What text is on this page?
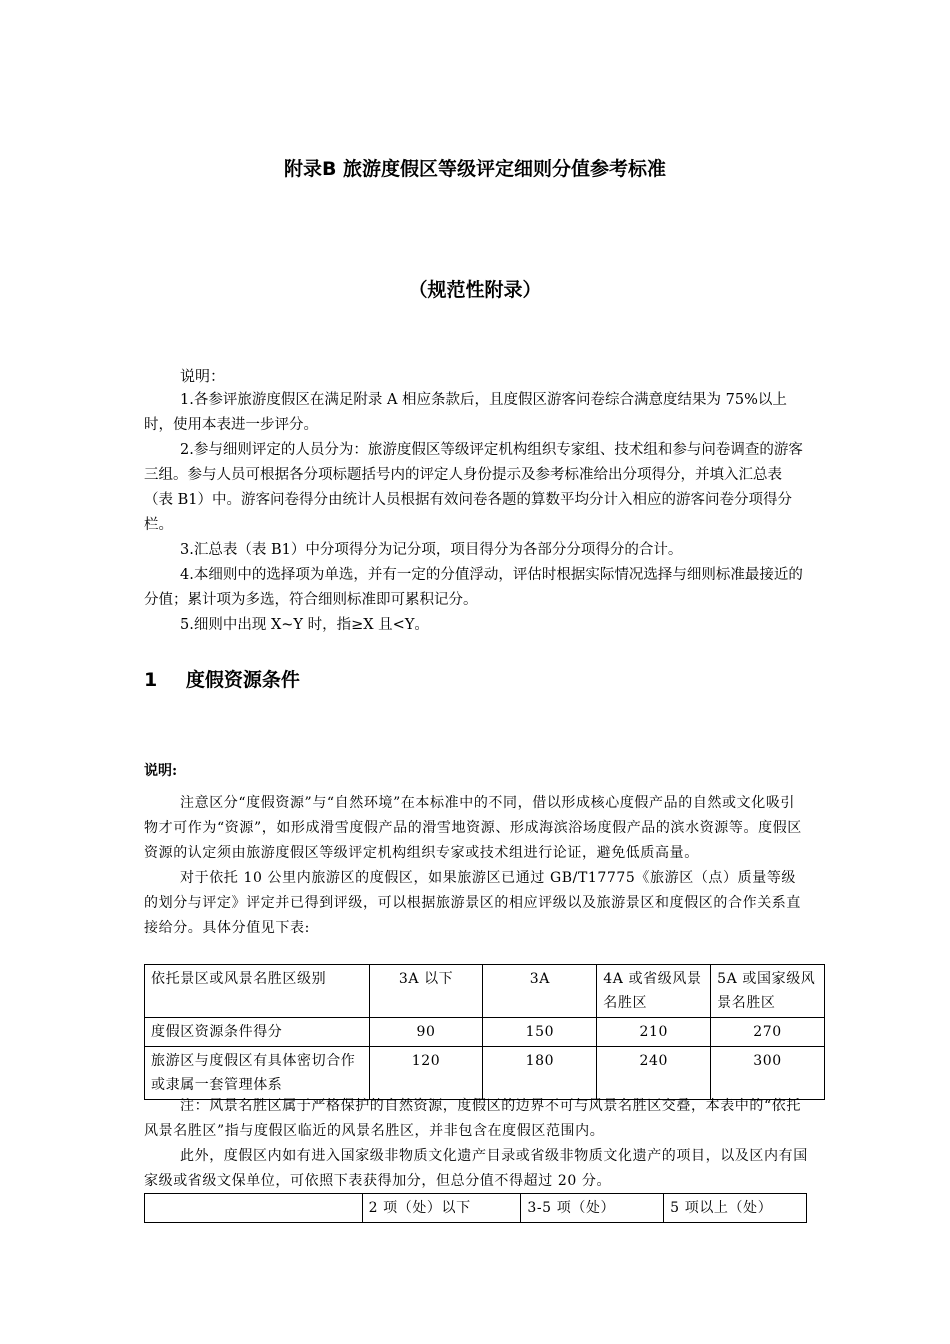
附录B 旅游度假区等级评定细则分值参考标准
（规范性附录）
说明：
1.各参评旅游度假区在满足附录 A 相应条款后，且度假区游客问卷综合满意度结果为 75%以上时，使用本表进一步评分。
2.参与细则评定的人员分为：旅游度假区等级评定机构组织专家组、技术组和参与问卷调查的游客三组。参与人员可根据各分项标题括号内的评定人身份提示及参考标准给出分项得分，并填入汇总表（表 B1）中。游客问卷得分由统计人员根据有效问卷各题的算数平均分计入相应的游客问卷分项得分栏。
3.汇总表（表 B1）中分项得分为记分项，项目得分为各部分分项得分的合计。
4.本细则中的选择项为单选，并有一定的分值浮动，评估时根据实际情况选择与细则标准最接近的分值；累计项为多选，符合细则标准即可累积记分。
5.细则中出现 X~Y 时，指≥X 且<Y。
1 度假资源条件
说明:
注意区分“度假资源”与“自然环境”在本标准中的不同，借以形成核心度假产品的自然或文化吸引物才可作为“资源”，如形成滑雪度假产品的滑雪地资源、形成海滨浴场度假产品的滨水资源等。度假区资源的认定须由旅游度假区等级评定机构组织专家或技术组进行论证，避免低质高量。
对于依托 10 公里内旅游区的度假区，如果旅游区已通过 GB/T17775《旅游区（点）质量等级的划分与评定》评定并已得到评级，可以根据旅游景区的相应评级以及旅游景区和度假区的合作关系直接给分。具体分值见下表:
依托景区或风景名胜区级别	3A 以下	3A	4A 或省级风景名胜区	5A 或国家级风景名胜区
度假区资源条件得分	90	150	210	270
旅游区与度假区有具体密切合作或隶属一套管理体系	120	180	240	300
注：风景名胜区属于严格保护的自然资源，度假区的边界不可与风景名胜区交叠，本表中的“依托风景名胜区”指与度假区临近的风景名胜区，并非包含在度假区范围内。
此外，度假区内如有进入国家级非物质文化遗产目录或省级非物质文化遗产的项目，以及区内有国家级或省级文保单位，可依照下表获得加分，但总分值不得超过 20 分。
	2 项（处）以下	3-5 项（处）	5 项以上（处）
